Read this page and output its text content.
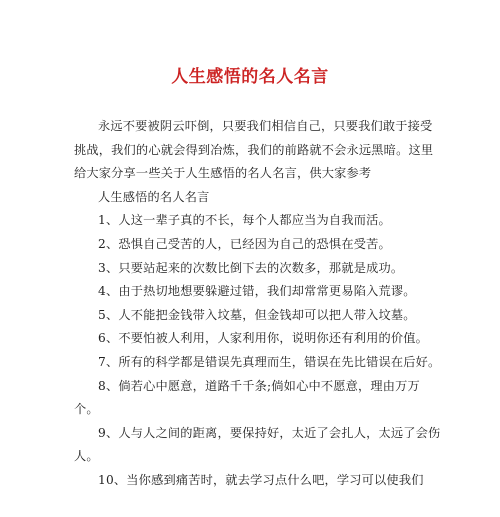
人生感悟的名人名言

永远不要被阴云吓倒，只要我们相信自己，只要我们敢于接受挑战，我们的心就会得到冶炼，我们的前路就不会永远黑暗。这里给大家分享一些关于人生感悟的名人名言，供大家参考

人生感悟的名人名言

1、人这一辈子真的不长，每个人都应当为自我而活。

2、恐惧自己受苦的人，已经因为自己的恐惧在受苦。

3、只要站起来的次数比倒下去的次数多，那就是成功。

4、由于热切地想要躲避过错，我们却常常更易陷入荒谬。

5、人不能把金钱带入坟墓，但金钱却可以把人带入坟墓。

6、不要怕被人利用，人家利用你，说明你还有利用的价值。

7、所有的科学都是错误先真理而生，错误在先比错误在后好。

8、倘若心中愿意，道路千千条;倘如心中不愿意，理由万万个。

9、人与人之间的距离，要保持好，太近了会扎人，太远了会伤人。

10、当你感到痛苦时，就去学习点什么吧，学习可以使我们
